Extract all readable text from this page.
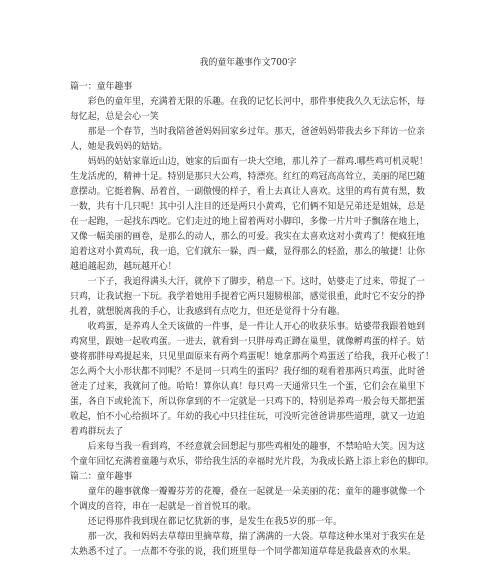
我的童年趣事作文700字
篇一：童年趣事
彩色的童年里，充满着无限的乐趣。在我的记忆长河中，那件事使我久久无法忘怀，每
每忆起，总是会心一笑
那是一个春节，当时我陪爸爸妈妈回家乡过年。那天，爸爸妈妈带我去乡下拜访一位亲
人，她是我妈妈的姑姑。
妈妈的姑姑家靠近山边，她家的后面有一块大空地，那儿养了一群鸡.哪些鸡可机灵呢！
生龙活虎的，精神十足。特别是那只大公鸡，特漂亮。红红的鸡冠高高耸立，美丽的尾巴随
意摆动。它挺着胸、昂着首，一副傲慢的样子，看上去真让人喜欢。这里的鸡有黄有黑，数
一数，共有十几只呢！其中引人注目的还是两只小黄鸡，它们俩不知是兄弟还是姐妹，总是
在一起跑，一起找东西吃。它们走过的地上留着两对小脚印，多像一片片叶子飘落在地上，
又像一幅美丽的画卷，是那么的动人，那么的可爱。我实在太喜欢这对小黄鸡了！便疯狂地
追着这对小黄鸡玩，我一追，它们就东一躲，西一藏，显得那么的轻盈，那么的敏捷！让你
越追越起劲，越玩越开心！
一下子，我追得满头大汗，就停下了脚步，稍息一下。这时，姑婆走了过来，带捉了一
只鸡，让我试抱一下玩。我学着她用手提着它两只翅膀根部，感觉很重，此时它不安分的挣
扎着，就想脱离我的手心，让我感到有点吃力，但还是觉得十分有趣。
收鸡蛋，是养鸡人全天该做的一件事，是一件让人开心的收获乐事。姑婆带我跟着她到
鸡窝里，跟她一起收鸡蛋。一进去，就看到一只胖母鸡正蹲在巢里，就像孵鸡蛋的样子。姑
婆将那胖母鸡提起来，只见里面原来有两个鸡蛋呢！她拿那两个鸡蛋送了给我，我开心极了！
怎么两个大小形状都不同呢？不是同一只鸡生的蛋吗？我仔细的观看着那两只鸡蛋，此时爸
爸走了过来，我就问了他。哈哈！算你认真！每只鸡一天通常只生一个蛋，它们会在巢里下
蛋，各自下或轮流下，所以你拿到的不一定就是一只鸡下的，特别是养鸡一般会每天都把蛋
收起，怕不小心给损坏了。年幼的我心中只挂住玩，可没听完爸爸讲那些道理，就又一边追
着鸡群玩去了
后来每当我一看到鸡，不经意就会回想起与那些鸡相处的趣事，不禁哈哈大笑。因为这
个童年回忆充满着童趣与欢乐，带给我生活的幸福时光片段，为我成长路上添上彩色的脚印。
篇二：童年趣事
童年的趣事就像一瓣瓣芬芳的花瓣，叠在一起就是一朵美丽的花；童年的趣事就像一个
个调皮的音符，串在一起就是一首首悦耳的歌。
还记得那件我到现在都记忆犹新的事，是发生在我5岁的那一年。
那一次，我和妈妈去草莓田里摘草莓，揣了满满的一大袋。草莓这种水果对于我实在是
太熟悉不过了。一点都不夸张的说，我们班里每一个同学都知道草莓是我最喜欢的水果。
